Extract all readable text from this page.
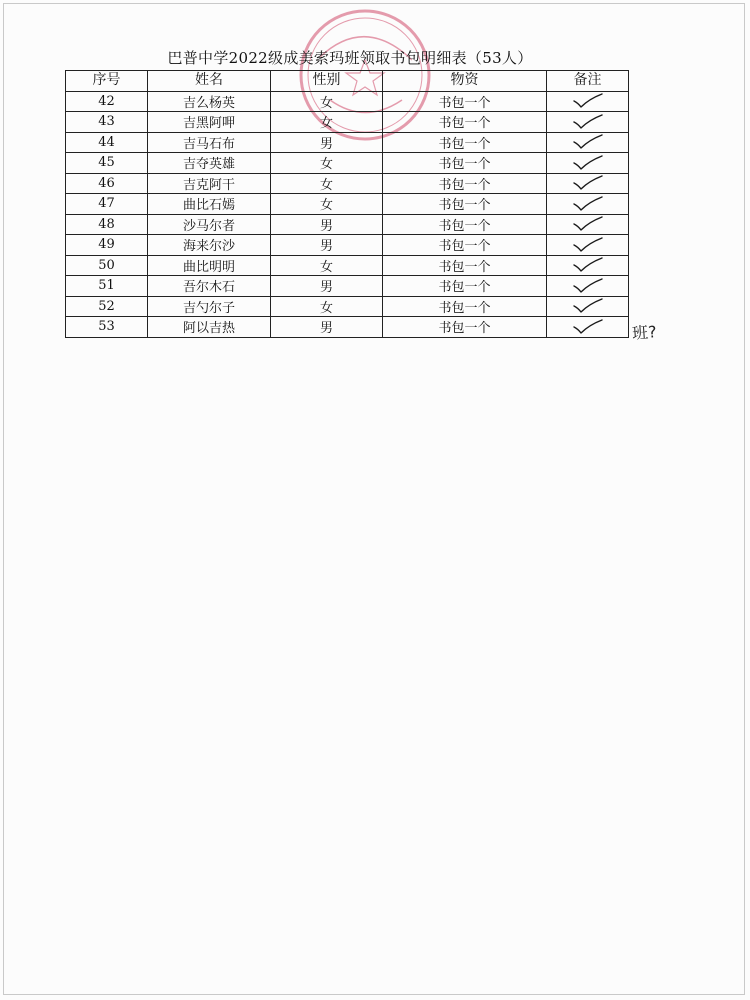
巴普中学2022级成美索玛班领取书包明细表（53人）
序号	姓名	性别	物资	备注
42	吉么杨英	女	书包一个	

43	吉黑阿呷	女	书包一个	

44	吉马石布	男	书包一个	

45	吉夺英雄	女	书包一个	

46	吉克阿干	女	书包一个	

47	曲比石嫣	女	书包一个	

48	沙马尔者	男	书包一个	

49	海来尔沙	男	书包一个	

50	曲比明明	女	书包一个	

51	吾尔木石	男	书包一个	

52	吉勺尔子	女	书包一个	

53	阿以吉热	男	书包一个		班?
